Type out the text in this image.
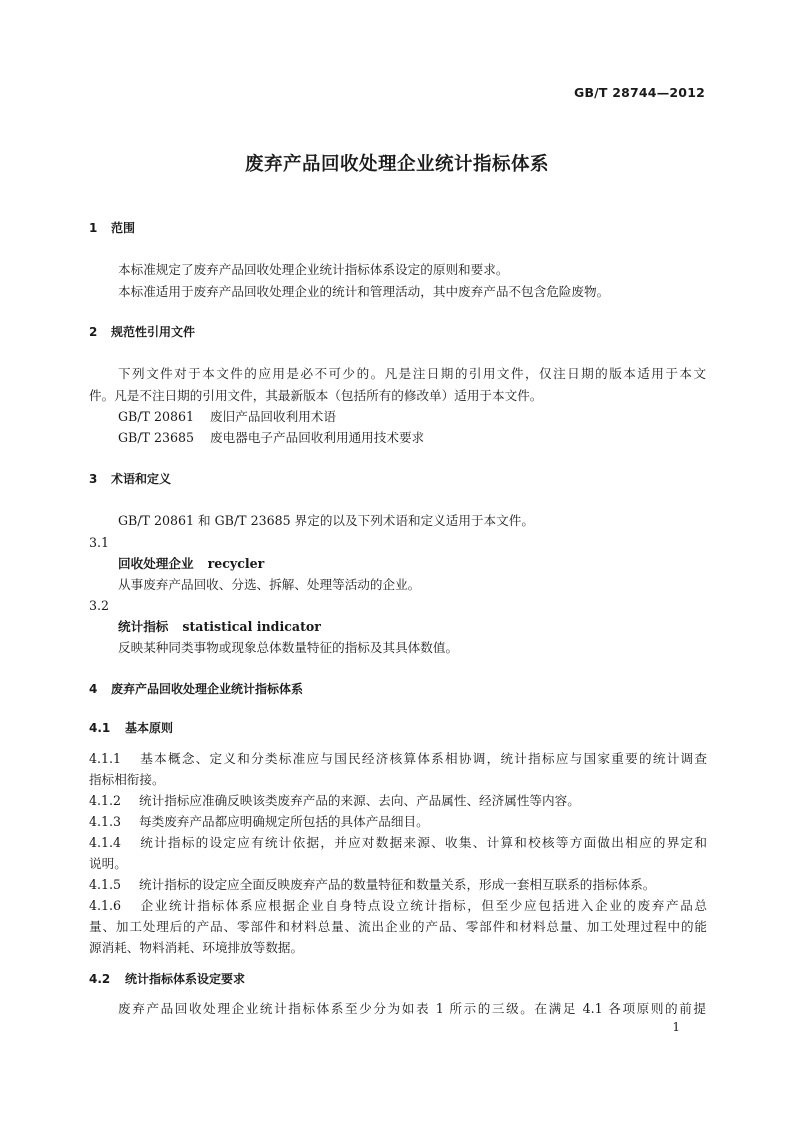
GB/T 28744—2012
废弃产品回收处理企业统计指标体系
1 范围
本标准规定了废弃产品回收处理企业统计指标体系设定的原则和要求。
本标准适用于废弃产品回收处理企业的统计和管理活动，其中废弃产品不包含危险废物。
2 规范性引用文件
下列文件对于本文件的应用是必不可少的。凡是注日期的引用文件，仅注日期的版本适用于本文
件。凡是不注日期的引用文件，其最新版本（包括所有的修改单）适用于本文件。
GB/T 20861 废旧产品回收利用术语
GB/T 23685 废电器电子产品回收利用通用技术要求
3 术语和定义
GB/T 20861 和 GB/T 23685 界定的以及下列术语和定义适用于本文件。
3.1
回收处理企业 recycler
从事废弃产品回收、分选、拆解、处理等活动的企业。
3.2
统计指标 statistical indicator
反映某种同类事物或现象总体数量特征的指标及其具体数值。
4 废弃产品回收处理企业统计指标体系
4.1 基本原则
4.1.1 基本概念、定义和分类标准应与国民经济核算体系相协调，统计指标应与国家重要的统计调查
指标相衔接。
4.1.2 统计指标应准确反映该类废弃产品的来源、去向、产品属性、经济属性等内容。
4.1.3 每类废弃产品都应明确规定所包括的具体产品细目。
4.1.4 统计指标的设定应有统计依据，并应对数据来源、收集、计算和校核等方面做出相应的界定和
说明。
4.1.5 统计指标的设定应全面反映废弃产品的数量特征和数量关系，形成一套相互联系的指标体系。
4.1.6 企业统计指标体系应根据企业自身特点设立统计指标，但至少应包括进入企业的废弃产品总
量、加工处理后的产品、零部件和材料总量、流出企业的产品、零部件和材料总量、加工处理过程中的能
源消耗、物料消耗、环境排放等数据。
4.2 统计指标体系设定要求
废弃产品回收处理企业统计指标体系至少分为如表 1 所示的三级。在满足 4.1 各项原则的前提
1
